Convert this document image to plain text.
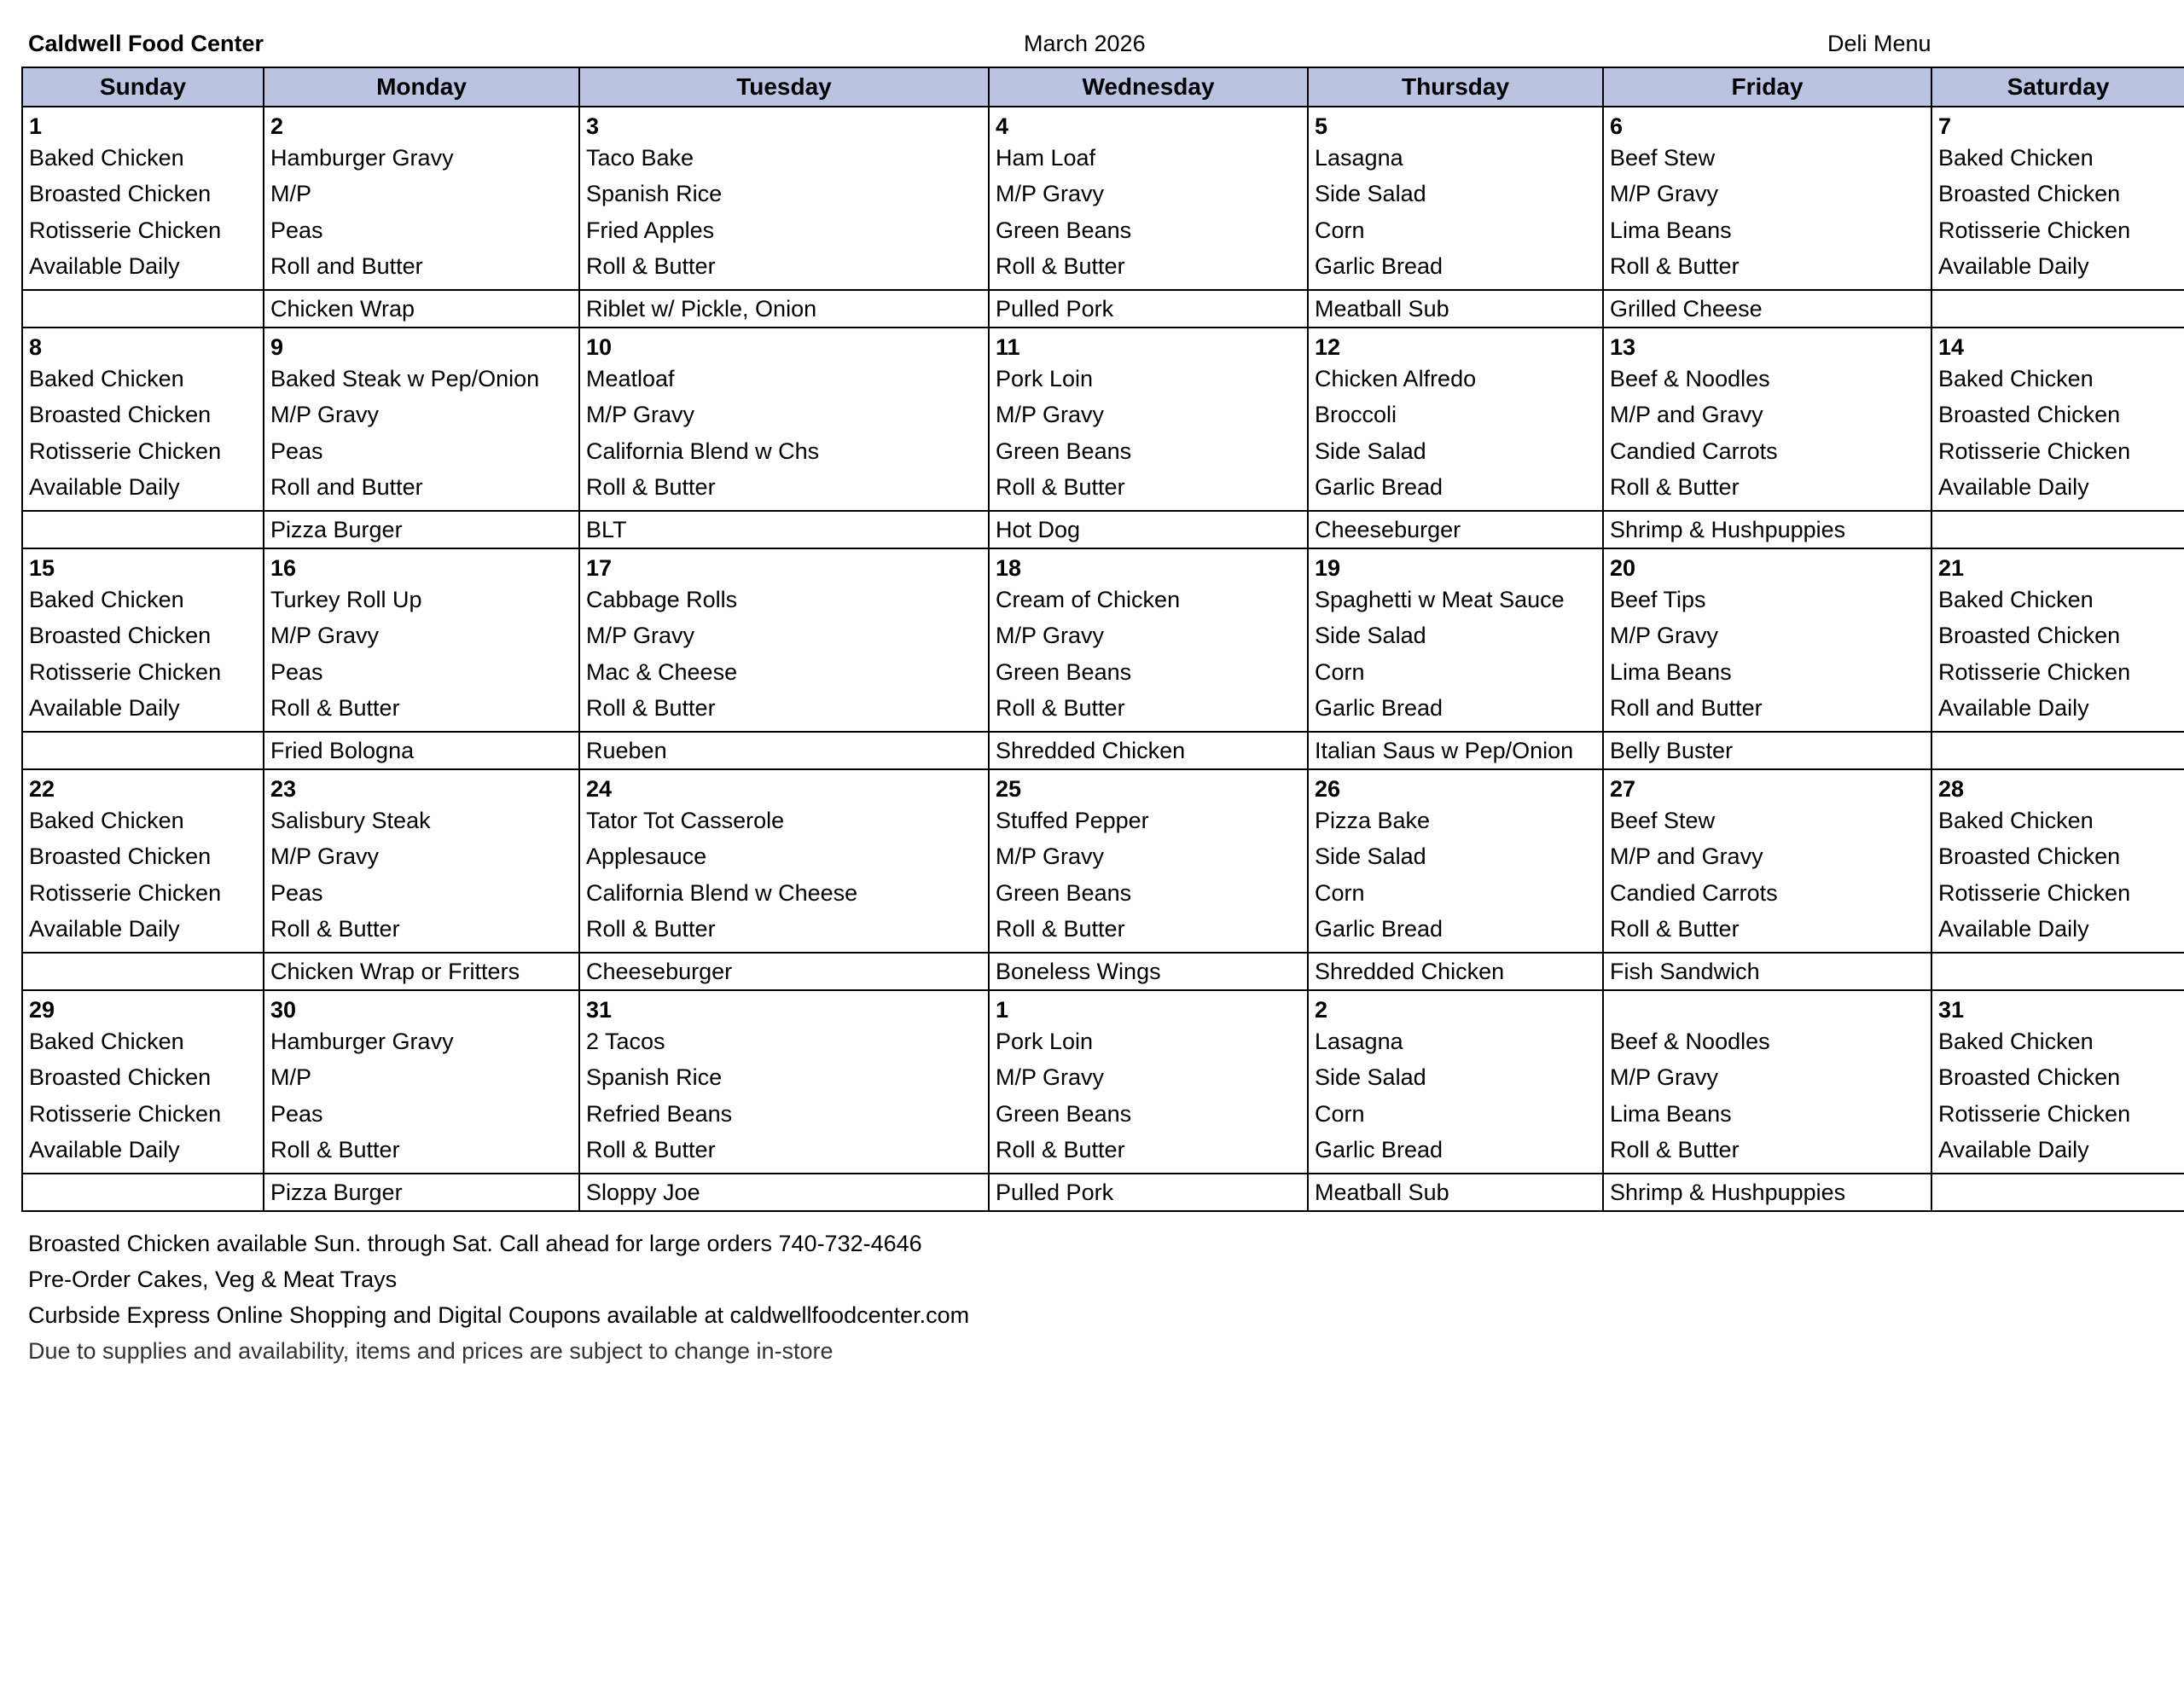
Caldwell Food Center	March 2026	Deli Menu
Sunday	Monday	Tuesday	Wednesday	Thursday	Friday	Saturday

1
Baked Chicken
Broasted Chicken
Rotisserie Chicken
Available Daily	2
Hamburger Gravy
M/P
Peas
Roll and Butter	3
Taco Bake
Spanish Rice
Fried Apples
Roll & Butter	4
Ham Loaf
M/P Gravy
Green Beans
Roll & Butter	5
Lasagna
Side Salad
Corn
Garlic Bread	6
Beef Stew
M/P Gravy
Lima Beans
Roll & Butter	7
Baked Chicken
Broasted Chicken
Rotisserie Chicken
Available Daily

	Chicken Wrap	Riblet w/ Pickle, Onion	Pulled Pork	Meatball Sub	Grilled Cheese	

8
Baked Chicken
Broasted Chicken
Rotisserie Chicken
Available Daily	9
Baked Steak w Pep/Onion
M/P Gravy
Peas
Roll and Butter	10
Meatloaf
M/P Gravy
California Blend w Chs
Roll & Butter	11
Pork Loin
M/P Gravy
Green Beans
Roll & Butter	12
Chicken Alfredo
Broccoli
Side Salad
Garlic Bread	13
Beef & Noodles
M/P and Gravy
Candied Carrots
Roll & Butter	14
Baked Chicken
Broasted Chicken
Rotisserie Chicken
Available Daily

	Pizza Burger	BLT	Hot Dog	Cheeseburger	Shrimp & Hushpuppies	

15
Baked Chicken
Broasted Chicken
Rotisserie Chicken
Available Daily	16
Turkey Roll Up
M/P Gravy
Peas
Roll & Butter	17
Cabbage Rolls
M/P Gravy
Mac & Cheese
Roll & Butter	18
Cream of Chicken
M/P Gravy
Green Beans
Roll & Butter	19
Spaghetti w Meat Sauce
Side Salad
Corn
Garlic Bread	20
Beef Tips
M/P Gravy
Lima Beans
Roll and Butter	21
Baked Chicken
Broasted Chicken
Rotisserie Chicken
Available Daily

	Fried Bologna	Rueben	Shredded Chicken	Italian Saus w Pep/Onion	Belly Buster	

22
Baked Chicken
Broasted Chicken
Rotisserie Chicken
Available Daily	23
Salisbury Steak
M/P Gravy
Peas
Roll & Butter	24
Tator Tot Casserole
Applesauce
California Blend w Cheese
Roll & Butter	25
Stuffed Pepper
M/P Gravy
Green Beans
Roll & Butter	26
Pizza Bake
Side Salad
Corn
Garlic Bread	27
Beef Stew
M/P and Gravy
Candied Carrots
Roll & Butter	28
Baked Chicken
Broasted Chicken
Rotisserie Chicken
Available Daily

	Chicken Wrap or Fritters	Cheeseburger	Boneless Wings	Shredded Chicken	Fish Sandwich	

29
Baked Chicken
Broasted Chicken
Rotisserie Chicken
Available Daily	30
Hamburger Gravy
M/P
Peas
Roll & Butter	31
2 Tacos
Spanish Rice
Refried Beans
Roll & Butter	1
Pork Loin
M/P Gravy
Green Beans
Roll & Butter	2
Lasagna
Side Salad
Corn
Garlic Bread	Beef & Noodles
M/P Gravy
Lima Beans
Roll & Butter	31
Baked Chicken
Broasted Chicken
Rotisserie Chicken
Available Daily

	Pizza Burger	Sloppy Joe	Pulled Pork	Meatball Sub	Shrimp & Hushpuppies	
Broasted Chicken available Sun. through Sat. Call ahead for large orders 740-732-4646
Pre-Order Cakes, Veg & Meat Trays
Curbside Express Online Shopping and Digital Coupons available at caldwellfoodcenter.com
Due to supplies and availability, items and prices are subject to change in-store
